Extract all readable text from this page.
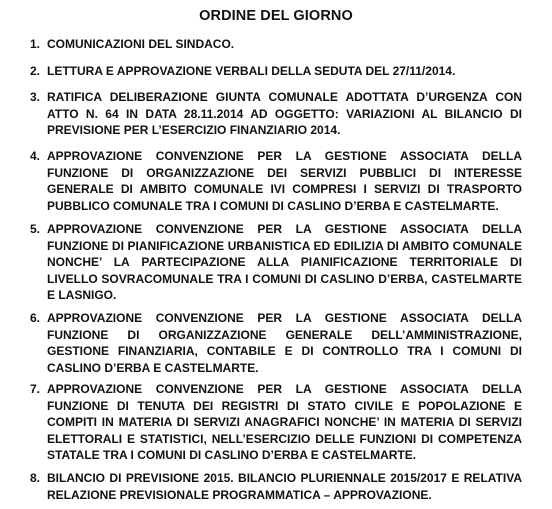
ORDINE DEL GIORNO
1. COMUNICAZIONI DEL SINDACO.
2. LETTURA E APPROVAZIONE VERBALI DELLA SEDUTA DEL 27/11/2014.
3. RATIFICA DELIBERAZIONE GIUNTA COMUNALE ADOTTATA D’URGENZA CON ATTO N. 64 IN DATA 28.11.2014 AD OGGETTO: VARIAZIONI AL BILANCIO DI PREVISIONE PER L’ESERCIZIO FINANZIARIO 2014.
4. APPROVAZIONE CONVENZIONE PER LA GESTIONE ASSOCIATA DELLA FUNZIONE DI ORGANIZZAZIONE DEI SERVIZI PUBBLICI DI INTERESSE GENERALE DI AMBITO COMUNALE IVI COMPRESI I SERVIZI DI TRASPORTO PUBBLICO COMUNALE TRA I COMUNI DI CASLINO D’ERBA E CASTELMARTE.
5. APPROVAZIONE CONVENZIONE PER LA GESTIONE ASSOCIATA DELLA FUNZIONE DI PIANIFICAZIONE URBANISTICA ED EDILIZIA DI AMBITO COMUNALE NONCHE’ LA PARTECIPAZIONE ALLA PIANIFICAZIONE TERRITORIALE DI LIVELLO SOVRACOMUNALE TRA I COMUNI DI CASLINO D’ERBA, CASTELMARTE E LASNIGO.
6. APPROVAZIONE CONVENZIONE PER LA GESTIONE ASSOCIATA DELLA FUNZIONE DI ORGANIZZAZIONE GENERALE DELL’AMMINISTRAZIONE, GESTIONE FINANZIARIA, CONTABILE E DI CONTROLLO TRA I COMUNI DI CASLINO D’ERBA E CASTELMARTE.
7. APPROVAZIONE CONVENZIONE PER LA GESTIONE ASSOCIATA DELLA FUNZIONE DI TENUTA DEI REGISTRI DI STATO CIVILE E POPOLAZIONE E COMPITI IN MATERIA DI SERVIZI ANAGRAFICI NONCHE’ IN MATERIA DI SERVIZI ELETTORALI E STATISTICI, NELL’ESERCIZIO DELLE FUNZIONI DI COMPETENZA STATALE TRA I COMUNI DI CASLINO D’ERBA E CASTELMARTE.
8. BILANCIO DI PREVISIONE 2015. BILANCIO PLURIENNALE 2015/2017 E RELATIVA RELAZIONE PREVISIONALE PROGRAMMATICA – APPROVAZIONE.
